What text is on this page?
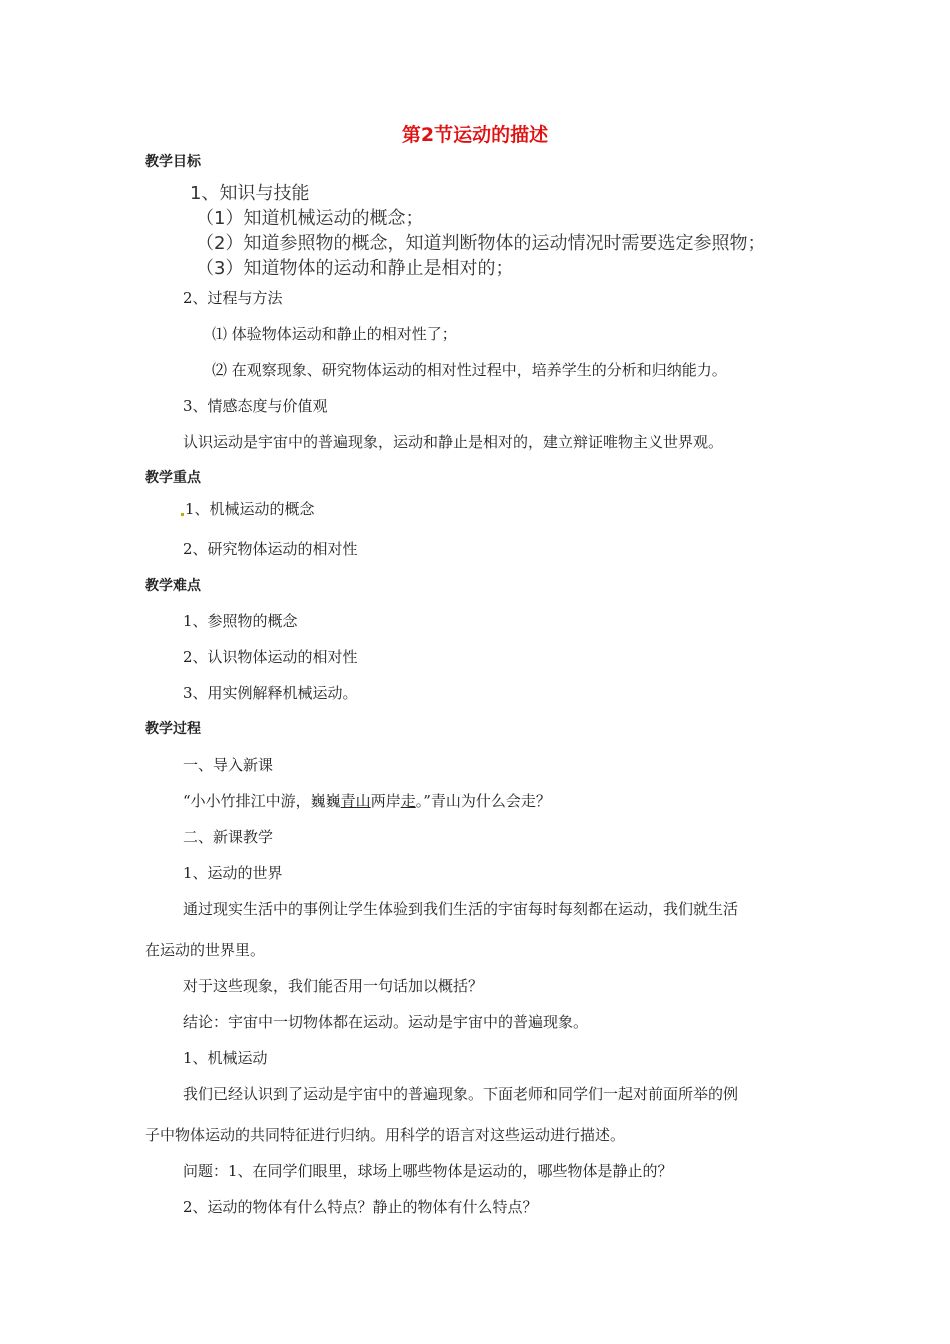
第2节运动的描述
教学目标
1、知识与技能
（1）知道机械运动的概念；
（2）知道参照物的概念，知道判断物体的运动情况时需要选定参照物；
（3）知道物体的运动和静止是相对的；
2、过程与方法
⑴ 体验物体运动和静止的相对性了；
⑵ 在观察现象、研究物体运动的相对性过程中，培养学生的分析和归纳能力。
3、情感态度与价值观
认识运动是宇宙中的普遍现象，运动和静止是相对的，建立辩证唯物主义世界观。
教学重点
1、机械运动的概念
2、研究物体运动的相对性
教学难点
1、参照物的概念
2、认识物体运动的相对性
3、用实例解释机械运动。
教学过程
一、导入新课
“小小竹排江中游，巍巍青山两岸走。”青山为什么会走？
二、新课教学
1、运动的世界
通过现实生活中的事例让学生体验到我们生活的宇宙每时每刻都在运动，我们就生活
在运动的世界里。
对于这些现象，我们能否用一句话加以概括？
结论：宇宙中一切物体都在运动。运动是宇宙中的普遍现象。
1、机械运动
我们已经认识到了运动是宇宙中的普遍现象。下面老师和同学们一起对前面所举的例
子中物体运动的共同特征进行归纳。用科学的语言对这些运动进行描述。
问题：1、在同学们眼里，球场上哪些物体是运动的，哪些物体是静止的？
2、运动的物体有什么特点？静止的物体有什么特点？
